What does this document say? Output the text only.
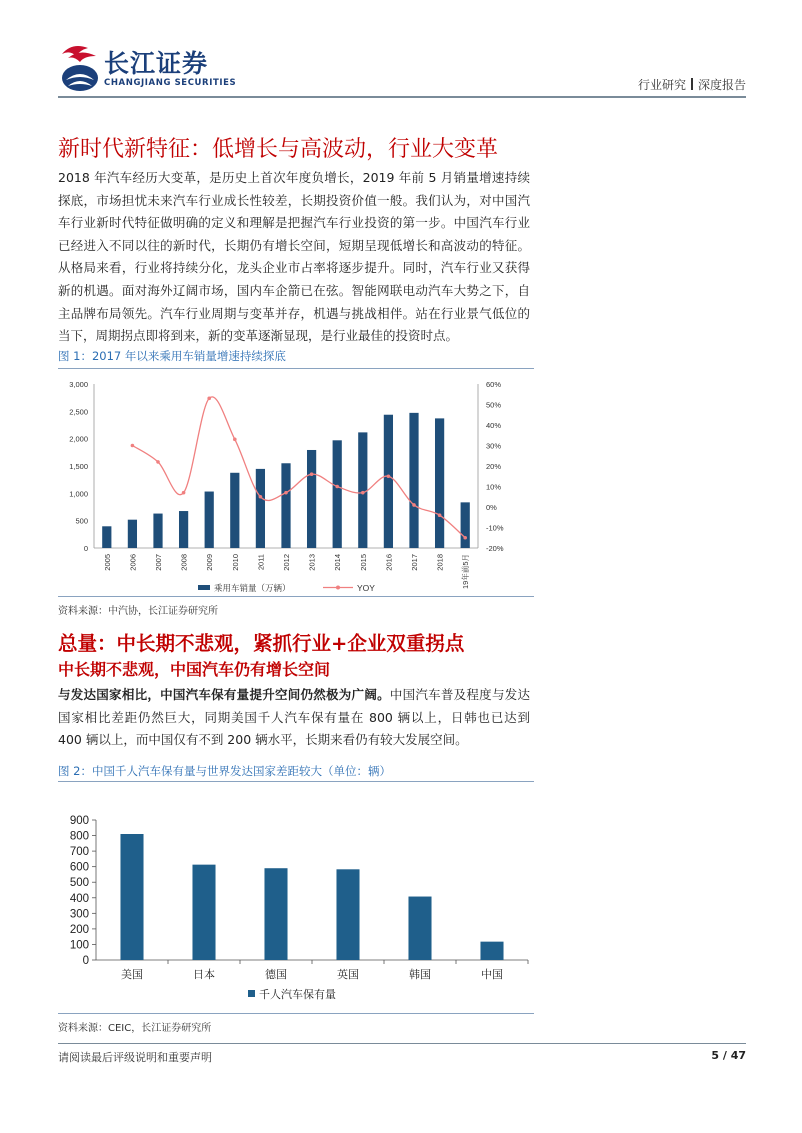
长江证券
CHANGJIANG SECURITIES	行业研究 深度报告
新时代新特征：低增长与高波动，行业大变革
2018 年汽车经历大变革，是历史上首次年度负增长，2019 年前 5 月销量增速持续探底，市场担忧未来汽车行业成长性较差，长期投资价值一般。我们认为，对中国汽车行业新时代特征做明确的定义和理解是把握汽车行业投资的第一步。中国汽车行业已经进入不同以往的新时代，长期仍有增长空间，短期呈现低增长和高波动的特征。从格局来看，行业将持续分化，龙头企业市占率将逐步提升。同时，汽车行业又获得新的机遇。面对海外辽阔市场，国内车企箭已在弦。智能网联电动汽车大势之下，自主品牌布局领先。汽车行业周期与变革并存，机遇与挑战相伴。站在行业景气低位的当下，周期拐点即将到来，新的变革逐渐显现，是行业最佳的投资时点。
图 1：2017 年以来乘用车销量增速持续探底
0
500
1,000
1,500
2,000
2,500
3,000
-20%
-10%
0%
10%
20%
30%
40%
50%
60%
2005 2006 2007 2008 2009 2010 2011 2012 2013 2014 2015 2016 2017 2018 19年前5月
乘用车销量（万辆）	YOY
资料来源：中汽协，长江证券研究所
总量：中长期不悲观，紧抓行业+企业双重拐点
中长期不悲观，中国汽车仍有增长空间
与发达国家相比，中国汽车保有量提升空间仍然极为广阔。中国汽车普及程度与发达国家相比差距仍然巨大，同期美国千人汽车保有量在 800 辆以上，日韩也已达到 400 辆以上，而中国仅有不到 200 辆水平，长期来看仍有较大发展空间。
图 2：中国千人汽车保有量与世界发达国家差距较大（单位：辆）
0
100
200
300
400
500
600
700
800
900
美国	日本	德国	英国	韩国	中国
千人汽车保有量
资料来源：CEIC，长江证券研究所
请阅读最后评级说明和重要声明	5 / 47
